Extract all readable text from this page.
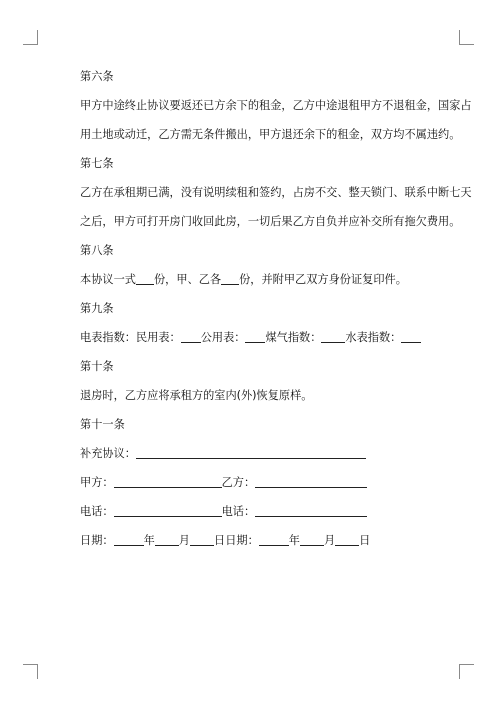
第六条

甲方中途终止协议要返还已方余下的租金，乙方中途退租甲方不退租金，国家占

用土地或动迁，乙方需无条件搬出，甲方退还余下的租金，双方均不属违约。

第七条

乙方在承租期已满，没有说明续租和签约，占房不交、整天锁门、联系中断七天

之后，甲方可打开房门收回此房，一切后果乙方自负并应补交所有拖欠费用。

第八条

本协议一式 份，甲、乙各 份，并附甲乙双方身份证复印件。

第九条

电表指数：民用表： 公用表： 煤气指数： 水表指数：

第十条

退房时，乙方应将承租方的室内(外)恢复原样。

第十一条

补充协议：

甲方：	乙方：

电话：	电话：

日期：	年 月 日日期：	年 月 日
